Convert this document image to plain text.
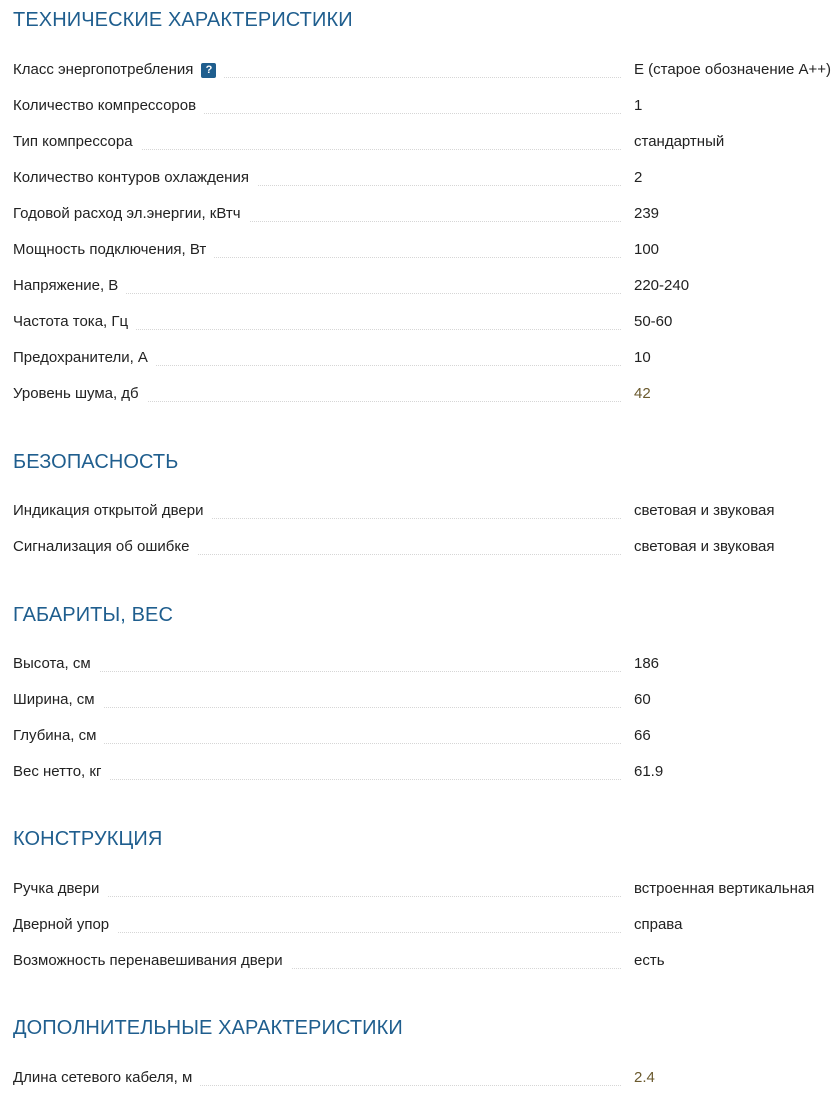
ТЕХНИЧЕСКИЕ ХАРАКТЕРИСТИКИ
Класс энергопотребления ?	E (старое обозначение A++)
Количество компрессоров	1
Тип компрессора	стандартный
Количество контуров охлаждения	2
Годовой расход эл.энергии, кВтч	239
Мощность подключения, Вт	100
Напряжение, В	220-240
Частота тока, Гц	50-60
Предохранители, А	10
Уровень шума, дб	42
БЕЗОПАСНОСТЬ
Индикация открытой двери	световая и звуковая
Сигнализация об ошибке	световая и звуковая
ГАБАРИТЫ, ВЕС
Высота, см	186
Ширина, см	60
Глубина, см	66
Вес нетто, кг	61.9
КОНСТРУКЦИЯ
Ручка двери	встроенная вертикальная
Дверной упор	справа
Возможность перенавешивания двери	есть
ДОПОЛНИТЕЛЬНЫЕ ХАРАКТЕРИСТИКИ
Длина сетевого кабеля, м	2.4
